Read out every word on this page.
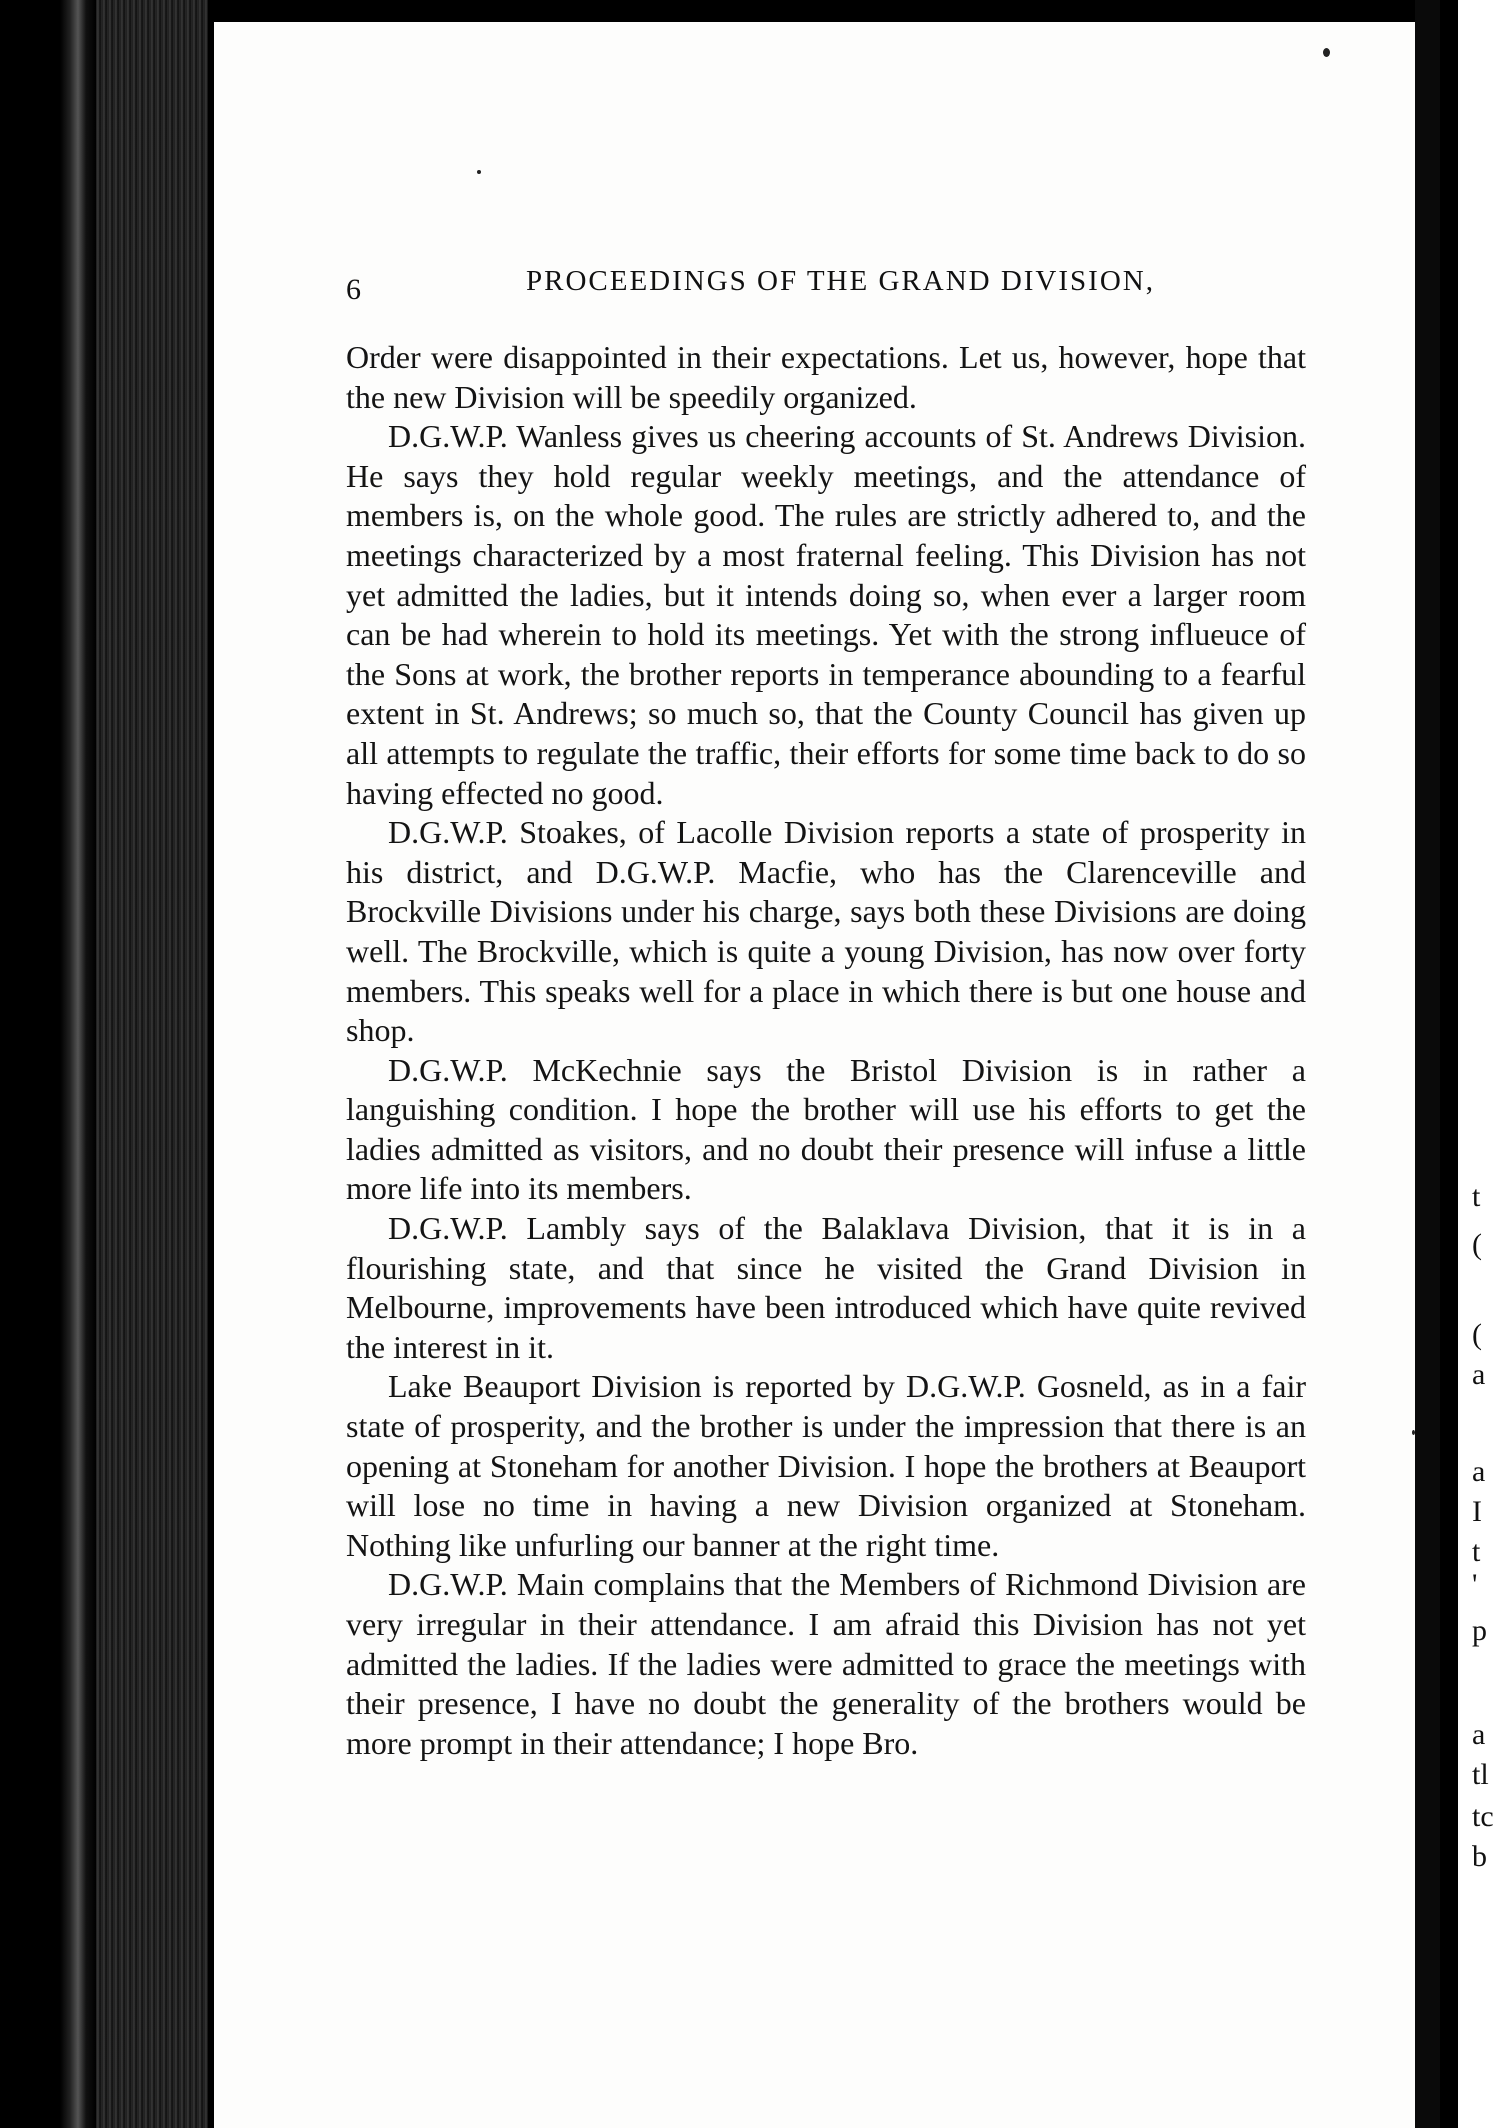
t
(
(
a
a
I
t
'
p
a
tl
tc
b
6	PROCEEDINGS OF THE GRAND DIVISION,

Order were disappointed in their expectations. Let us, however, hope that the new Division will be speedily organized.

D.G.W.P. Wanless gives us cheering accounts of St. Andrews Division. He says they hold regular weekly meetings, and the attendance of members is, on the whole good. The rules are strictly adhered to, and the meetings characterized by a most fraternal feeling. This Division has not yet admitted the ladies, but it intends doing so, when ever a larger room can be had wherein to hold its meetings. Yet with the strong influeuce of the Sons at work, the brother reports in temperance abounding to a fearful extent in St. Andrews; so much so, that the County Council has given up all attempts to regulate the traffic, their efforts for some time back to do so having effected no good.

D.G.W.P. Stoakes, of Lacolle Division reports a state of prosperity in his district, and D.G.W.P. Macfie, who has the Clarenceville and Brockville Divisions under his charge, says both these Divisions are doing well. The Brockville, which is quite a young Division, has now over forty members. This speaks well for a place in which there is but one house and shop.

D.G.W.P. McKechnie says the Bristol Division is in rather a languishing condition. I hope the brother will use his efforts to get the ladies admitted as visitors, and no doubt their presence will infuse a little more life into its members.

D.G.W.P. Lambly says of the Balaklava Division, that it is in a flourishing state, and that since he visited the Grand Division in Melbourne, improvements have been introduced which have quite revived the interest in it.

Lake Beauport Division is reported by D.G.W.P. Gosneld, as in a fair state of prosperity, and the brother is under the impression that there is an opening at Stoneham for another Division. I hope the brothers at Beauport will lose no time in having a new Division organized at Stoneham. Nothing like unfurling our banner at the right time.

D.G.W.P. Main complains that the Members of Richmond Division are very irregular in their attendance. I am afraid this Division has not yet admitted the ladies. If the ladies were admitted to grace the meetings with their presence, I have no doubt the generality of the brothers would be more prompt in their attendance; I hope Bro.
